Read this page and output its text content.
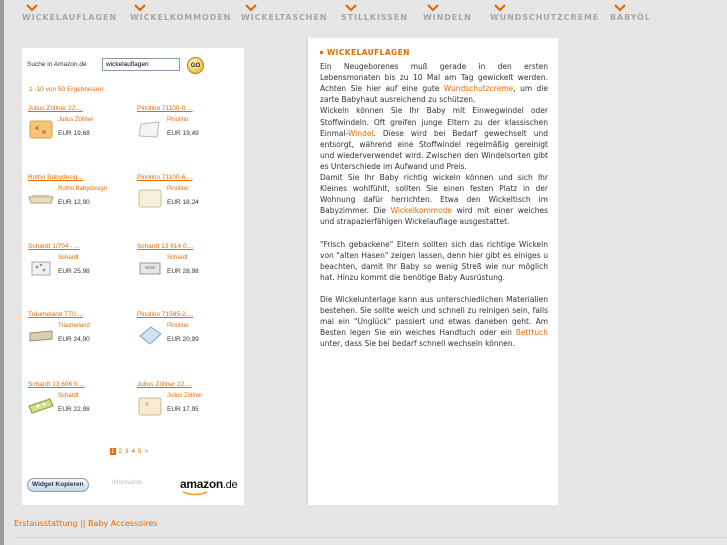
WICKELAUFLAGEN WICKELKOMMODEN WICKELTASCHEN STILLKISSEN WINDELN WUNDSCHUTZCREME BABYÖL
Suche in Amazon.de
wickelauflagen	GO
1 -10 von 50 Ergebnissen
Julius Zöllner 22....
Julius Zöllner
EUR 19,68
Pinolino 71100-0....
Pinolino
EUR 19,49
Rotho Babydesig...
Rotho Babydesign
EUR 12,90
Pinolino 71100-6....
Pinolino
EUR 18,24
Schardt 1/704 - ...
Schardt
EUR 25,98
Schardt 13 614 0....
Schardt
EUR 28,98
Träumeland TT0....
Träumeland
EUR 24,90
Pinolino 71585-2....
Pinolino
EUR 20,99
Schardt 13 606 0....
Schardt
EUR 22,98
Julius Zöllner 22....
Julius Zöllner
EUR 17,95
1 2 3 4 5 >
Widget Kopieren	Information	amazon.de
WICKELAUFLAGEN

Ein Neugeborenes muß gerade in den ersten Lebensmonaten bis zu 10 Mal am Tag gewickelt werden. Achten Sie hier auf eine gute Wundschutzcreme, um die zarte Babyhaut ausreichend zu schützen.
Wickeln können Sie Ihr Baby mit Einwegwindel oder Stoffwindeln. Oft greifen junge Eltern zu der klassischen Einmal-Windel. Diese wird bei Bedarf gewechselt und entsorgt, während eine Stoffwindel regelmäßig gereinigt und wiederverwendet wird. Zwischen den Windelsorten gibt es Unterschiede im Aufwand und Preis.
Damit Sie Ihr Baby richtig wickeln können und sich Ihr Kleines wohlfühlt, sollten Sie einen festen Platz in der Wohnung dafür herrichten. Etwa den Wickeltisch im Babyzimmer. Die Wickelkommode wird mit einer weiches und strapazierfähigen Wickelauflage ausgestattet.

"Frisch gebackene" Eltern sollten sich das richtige Wickeln von "alten Hasen" zeigen lassen, denn hier gibt es einiges u beachten, damit Ihr Baby so wenig Streß wie nur möglich hat. Hinzu kommt die benötige Baby Ausrüstung.

Die Wickelunterlage kann aus unterschiedlichen Materialien bestehen. Sie sollte weich und schnell zu reinigen sein, falls mal ein "Unglück" passiert und etwas daneben geht. Am Besten legen Sie ein weiches Handtuch oder ein Betttuch unter, dass Sie bei bedarf schnell wechseln können.

Erstausstattung || Baby Accessoires
